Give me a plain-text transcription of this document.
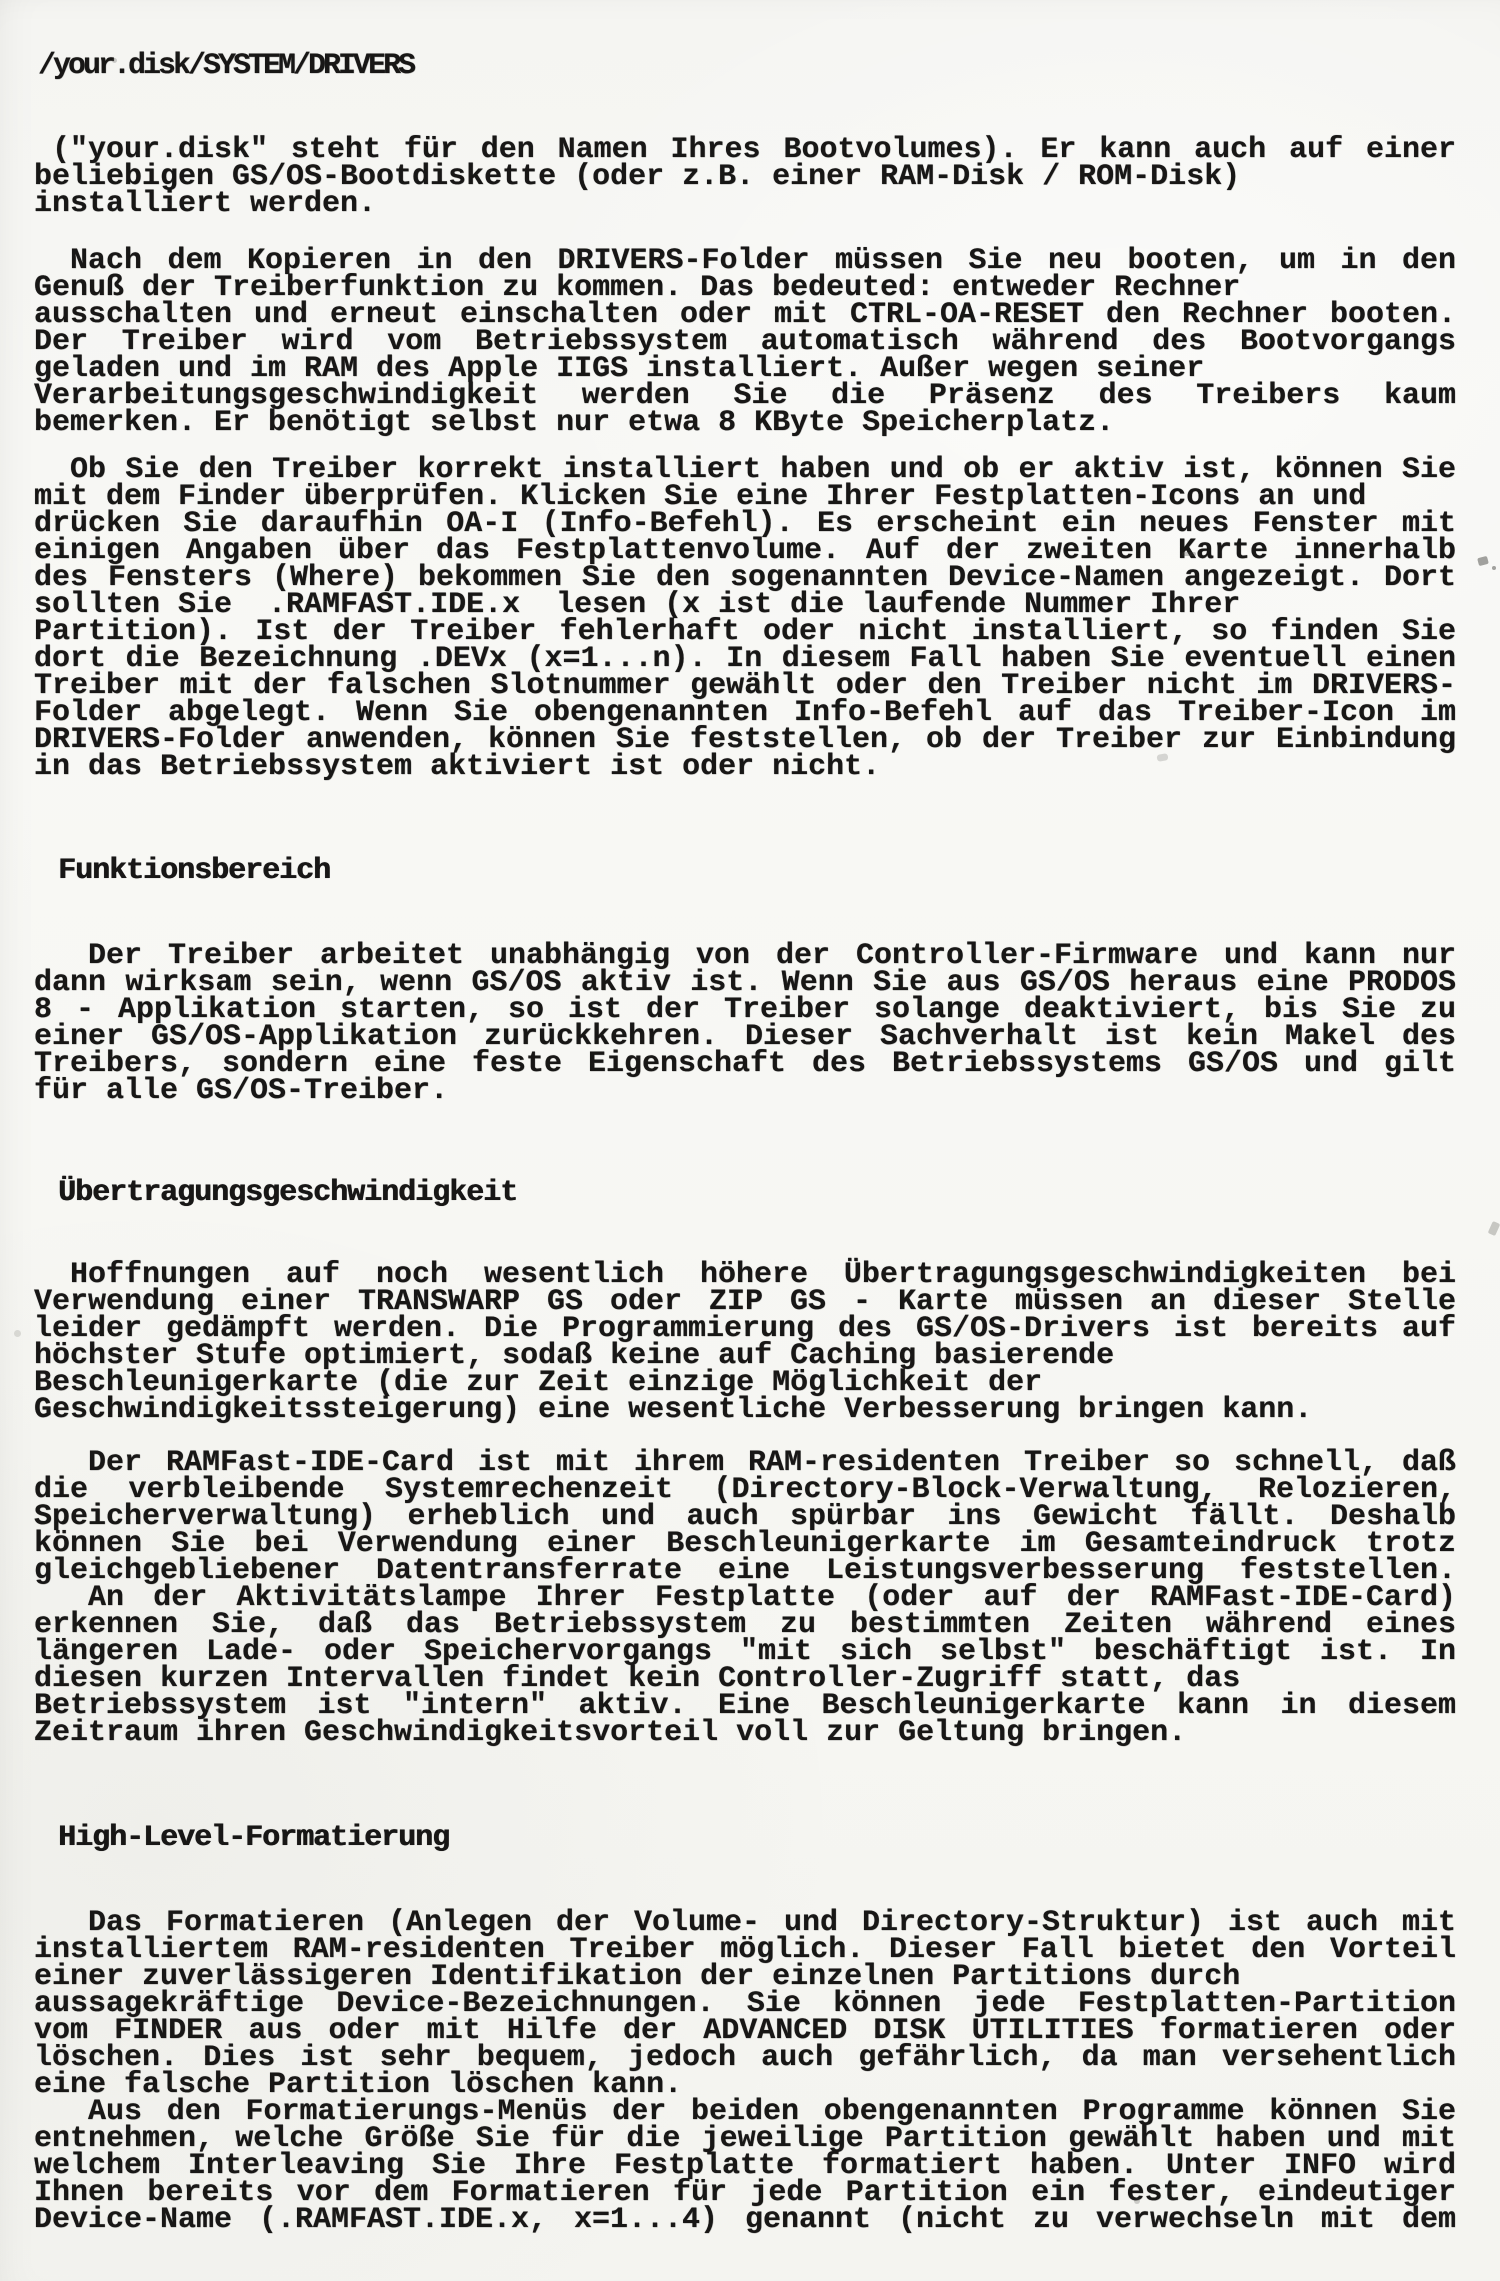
/your.disk/SYSTEM/DRIVERS
("your.disk" steht für den Namen Ihres Bootvolumes). Er kann auch auf einer
beliebigen GS/OS-Bootdiskette (oder z.B. einer RAM-Disk / ROM-Disk)
installiert werden.
Nach dem Kopieren in den DRIVERS-Folder müssen Sie neu booten, um in den
Genuß der Treiberfunktion zu kommen. Das bedeuted: entweder Rechner
ausschalten und erneut einschalten oder mit CTRL-OA-RESET den Rechner booten.
Der Treiber wird vom Betriebssystem automatisch während des Bootvorgangs
geladen und im RAM des Apple IIGS installiert. Außer wegen seiner
Verarbeitungsgeschwindigkeit werden Sie die Präsenz des Treibers kaum
bemerken. Er benötigt selbst nur etwa 8 KByte Speicherplatz.
Ob Sie den Treiber korrekt installiert haben und ob er aktiv ist, können Sie
mit dem Finder überprüfen. Klicken Sie eine Ihrer Festplatten-Icons an und
drücken Sie daraufhin OA-I (Info-Befehl). Es erscheint ein neues Fenster mit
einigen Angaben über das Festplattenvolume. Auf der zweiten Karte innerhalb
des Fensters (Where) bekommen Sie den sogenannten Device-Namen angezeigt. Dort
sollten Sie  .RAMFAST.IDE.x  lesen (x ist die laufende Nummer Ihrer
Partition). Ist der Treiber fehlerhaft oder nicht installiert, so finden Sie
dort die Bezeichnung .DEVx (x=1...n). In diesem Fall haben Sie eventuell einen
Treiber mit der falschen Slotnummer gewählt oder den Treiber nicht im DRIVERS-
Folder abgelegt. Wenn Sie obengenannten Info-Befehl auf das Treiber-Icon im
DRIVERS-Folder anwenden, können Sie feststellen, ob der Treiber zur Einbindung
in das Betriebssystem aktiviert ist oder nicht.
Funktionsbereich
Der Treiber arbeitet unabhängig von der Controller-Firmware und kann nur
dann wirksam sein, wenn GS/OS aktiv ist. Wenn Sie aus GS/OS heraus eine PRODOS
8 - Applikation starten, so ist der Treiber solange deaktiviert, bis Sie zu
einer GS/OS-Applikation zurückkehren. Dieser Sachverhalt ist kein Makel des
Treibers, sondern eine feste Eigenschaft des Betriebssystems GS/OS und gilt
für alle GS/OS-Treiber.
Übertragungsgeschwindigkeit
Hoffnungen auf noch wesentlich höhere Übertragungsgeschwindigkeiten bei
Verwendung einer TRANSWARP GS oder ZIP GS - Karte müssen an dieser Stelle
leider gedämpft werden. Die Programmierung des GS/OS-Drivers ist bereits auf
höchster Stufe optimiert, sodaß keine auf Caching basierende
Beschleunigerkarte (die zur Zeit einzige Möglichkeit der
Geschwindigkeitssteigerung) eine wesentliche Verbesserung bringen kann.
Der RAMFast-IDE-Card ist mit ihrem RAM-residenten Treiber so schnell, daß
die verbleibende Systemrechenzeit (Directory-Block-Verwaltung, Relozieren,
Speicherverwaltung) erheblich und auch spürbar ins Gewicht fällt. Deshalb
können Sie bei Verwendung einer Beschleunigerkarte im Gesamteindruck trotz
gleichgebliebener Datentransferrate eine Leistungsverbesserung feststellen.
An der Aktivitätslampe Ihrer Festplatte (oder auf der RAMFast-IDE-Card)
erkennen Sie, daß das Betriebssystem zu bestimmten Zeiten während eines
längeren Lade- oder Speichervorgangs "mit sich selbst" beschäftigt ist. In
diesen kurzen Intervallen findet kein Controller-Zugriff statt, das
Betriebssystem ist "intern" aktiv. Eine Beschleunigerkarte kann in diesem
Zeitraum ihren Geschwindigkeitsvorteil voll zur Geltung bringen.
High-Level-Formatierung
Das Formatieren (Anlegen der Volume- und Directory-Struktur) ist auch mit
installiertem RAM-residenten Treiber möglich. Dieser Fall bietet den Vorteil
einer zuverlässigeren Identifikation der einzelnen Partitions durch
aussagekräftige Device-Bezeichnungen. Sie können jede Festplatten-Partition
vom FINDER aus oder mit Hilfe der ADVANCED DISK UTILITIES formatieren oder
löschen. Dies ist sehr bequem, jedoch auch gefährlich, da man versehentlich
eine falsche Partition löschen kann.
Aus den Formatierungs-Menüs der beiden obengenannten Programme können Sie
entnehmen, welche Größe Sie für die jeweilige Partition gewählt haben und mit
welchem Interleaving Sie Ihre Festplatte formatiert haben. Unter INFO wird
Ihnen bereits vor dem Formatieren für jede Partition ein fester, eindeutiger
Device-Name (.RAMFAST.IDE.x, x=1...4) genannt (nicht zu verwechseln mit dem
